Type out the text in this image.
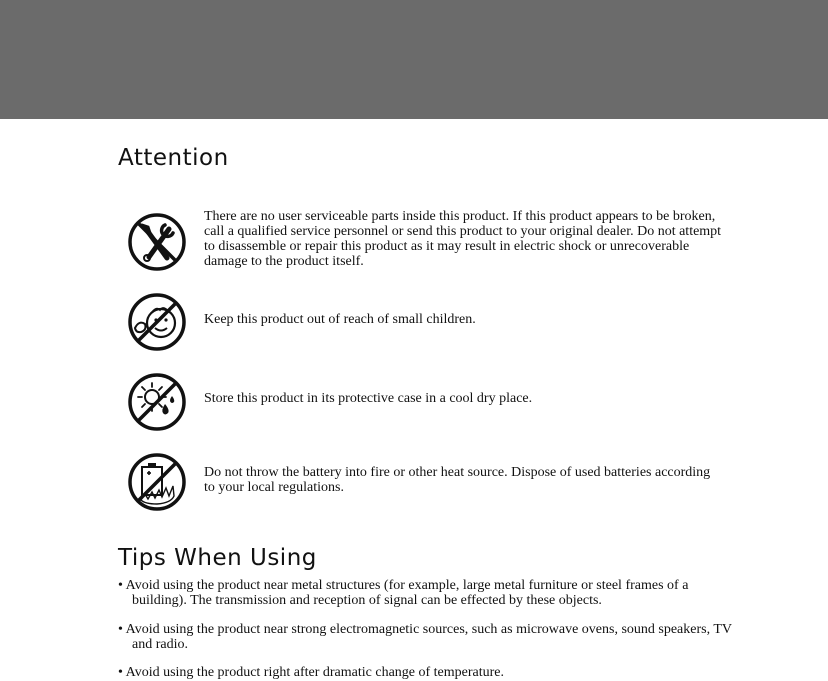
Attention

There are no user serviceable parts inside this product. If this product appears to be broken, call a qualified service personnel or send this product to your original dealer. Do not attempt to disassemble or repair this product as it may result in electric shock or unrecoverable damage to the product itself.

Keep this product out of reach of small children.

Store this product in its protective case in a cool dry place.

Do not throw the battery into fire or other heat source. Dispose of used batteries according to your local regulations.

Tips When Using

• Avoid using the product near metal structures (for example, large metal furniture or steel frames of a building). The transmission and reception of signal can be effected by these objects.

• Avoid using the product near strong electromagnetic sources, such as microwave ovens, sound speakers, TV and radio.

• Avoid using the product right after dramatic change of temperature.
